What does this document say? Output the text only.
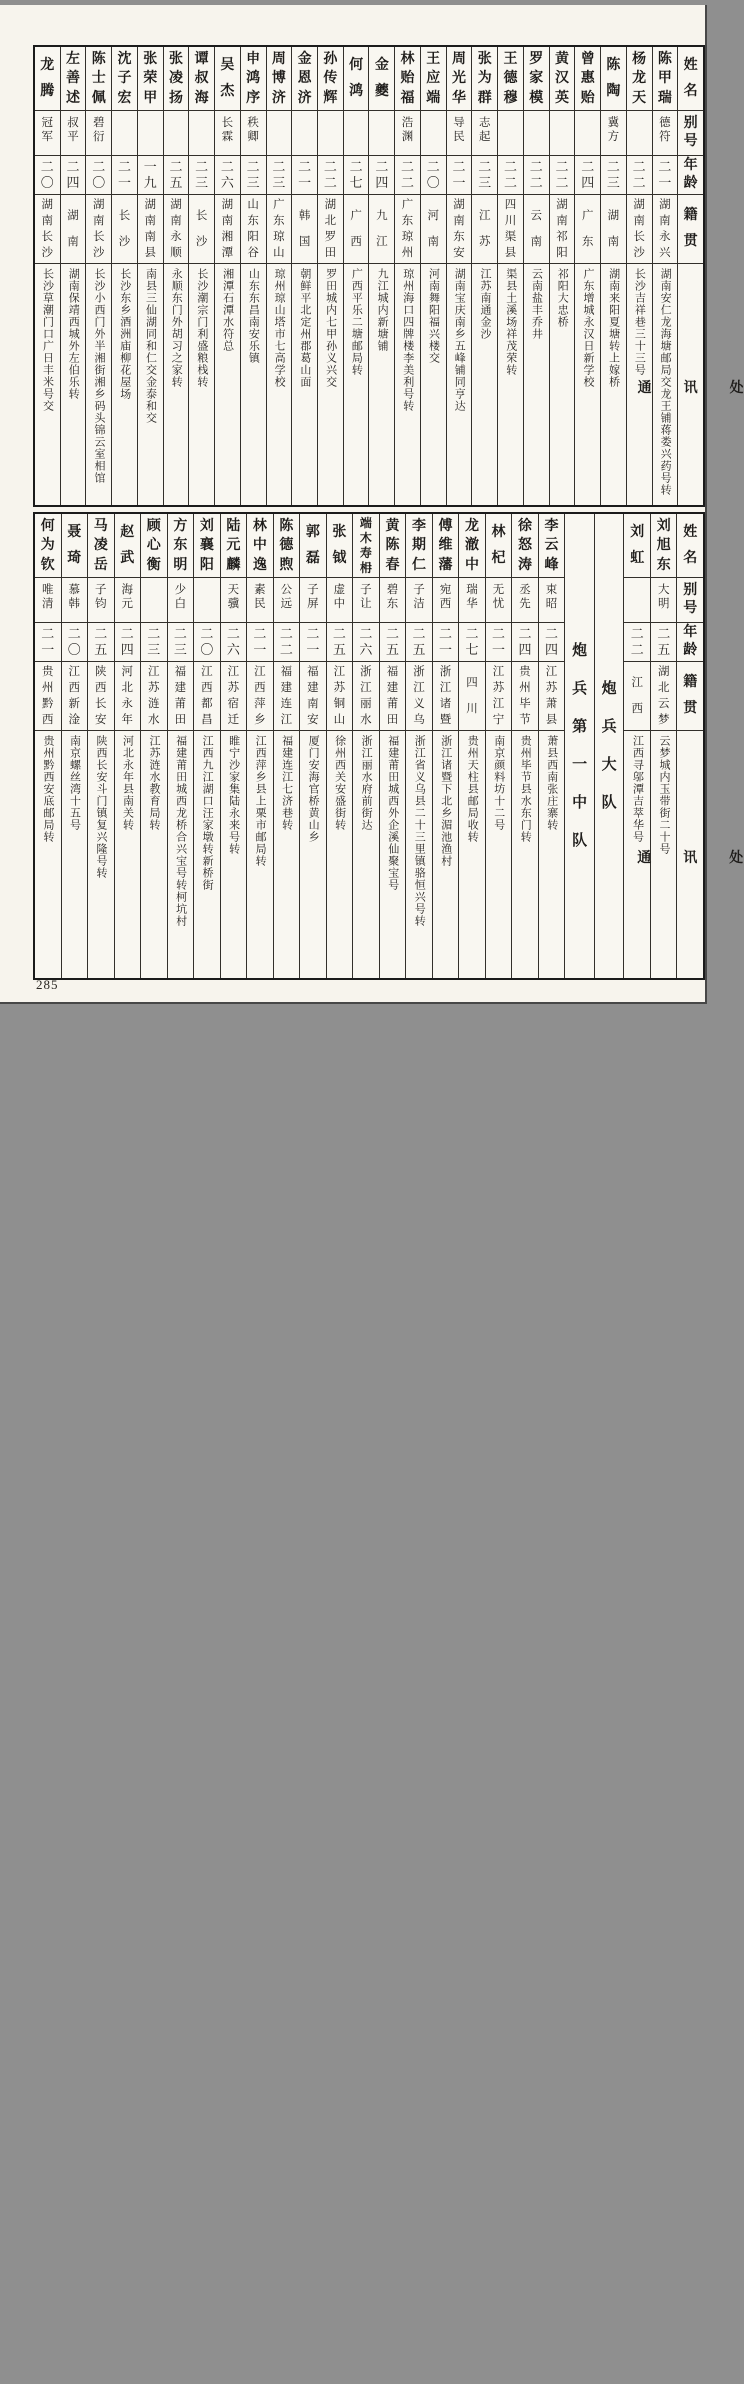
姓
名
别
号
年
龄
籍
贯
通 讯 处
陈
甲
瑞
德
符
二
一
湖
南
永
兴
湖南安仁龙海塘邮局交龙王铺蒋娄兴药号转
杨
龙
天
二
二
湖
南
长
沙
长沙吉祥巷三十三号
陈
陶
冀
方
二
三
湖
南
湖南来阳夏塘转上嫁桥
曾
惠
贻
二
四
广
东
广东增城永汉日新学校
黄
汉
英
二
二
湖
南
祁
阳
祁阳大忠桥
罗
家
模
二
二
云
南
云南盐丰乔井
王
德
穆
二
二
四
川
渠
县
渠县土溪场祥茂荣转
张
为
群
志
起
二
三
江
苏
江苏南通金沙
周
光
华
导
民
二
一
湖
南
东
安
湖南宝庆南乡五峰铺同亨达
王
应
端
二
〇
河
南
河南舞阳福兴楼交
林
贻
福
浩
渊
二
二
广
东
琼
州
琼州海口四牌楼李美利号转
金
夔
二
四
九
江
九江城内新塘铺
何
鸿
二
七
广
西
广西平乐二塘邮局转
孙
传
辉
二
二
湖
北
罗
田
罗田城内七甲孙义兴交
金
恩
济
二
一
韩
国
朝鲜平北定州郡葛山面
周
博
济
二
三
广
东
琼
山
琼州琼山塔市七高学校
申
鸿
序
秩
卿
二
三
山
东
阳
谷
山东东昌南安乐镇
吴
杰
长
霖
二
六
湖
南
湘
潭
湘潭石潭水符总
谭
叔
海
二
三
长
沙
长沙潮宗门利盛粮栈转
张
凌
扬
二
五
湖
南
永
顺
永顺东门外胡习之家转
张
荣
甲
一
九
湖
南
南
县
南县三仙湖同和仁交金泰和交
沈
子
宏
二
一
长
沙
长沙东乡酒洲庙柳花屋场
陈
士
佩
碧
衍
二
〇
湖
南
长
沙
长沙小西门外半湘街湘乡码头锦云室相馆
左
善
述
叔
平
二
四
湖
南
湖南保靖西城外左伯乐转
龙
腾
冠
军
二
〇
湖
南
长
沙
长沙草潮门口广日丰米号交
姓
名
别
号
年
龄
籍
贯
通 讯 处
刘
旭
东
大
明
二
五
湖
北
云
梦
云梦城内玉带街二十号
刘
虹
二
二
江
西
江西寻邬潭吉萃华号
炮
兵
大
队
炮
兵
第
一
中
队
李
云
峰
束
昭
二
四
江
苏
萧
县
萧县西南张庄寨转
徐
怒
涛
丞
先
二
四
贵
州
毕
节
贵州毕节县水东门转
林
杞
无
忧
二
一
江
苏
江
宁
南京颜料坊十二号
龙
澈
中
瑞
华
二
七
四
川
贵州天柱县邮局收转
傅
维
藩
宛
西
二
一
浙
江
诸
暨
浙江诸暨下北乡湄池渔村
李
期
仁
子
洁
二
五
浙
江
义
乌
浙江省义乌县二十三里镇骆恒兴号转
黄
陈
春
碧
东
二
五
福
建
莆
田
福建莆田城西外企溪仙聚宝号
端
木
寿
枏
子
让
二
六
浙
江
丽
水
浙江丽水府前街达
张
钺
虚
中
二
五
江
苏
铜
山
徐州西关安盛街转
郭
磊
子
屏
二
一
福
建
南
安
厦门安海官桥黄山乡
陈
德
煦
公
远
二
二
福
建
连
江
福建连江七济巷转
林
中
逸
素
民
二
一
江
西
萍
乡
江西萍乡县上栗市邮局转
陆
元
麟
天
骥
二
六
江
苏
宿
迁
睢宁沙家集陆永来号转
刘
襄
阳
二
〇
江
西
都
昌
江西九江湖口汪家墩转新桥街
方
东
明
少
白
二
三
福
建
莆
田
福建莆田城西龙桥合兴宝号转柯坑村
顾
心
衡
二
三
江
苏
涟
水
江苏涟水教育局转
赵
武
海
元
二
四
河
北
永
年
河北永年县南关转
马
凌
岳
子
钧
二
五
陕
西
长
安
陕西长安斗门镇复兴隆号转
聂
琦
慕
韩
二
〇
江
西
新
淦
南京螺丝湾十五号
何
为
钦
唯
清
二
一
贵
州
黔
西
贵州黔西安底邮局转
285
